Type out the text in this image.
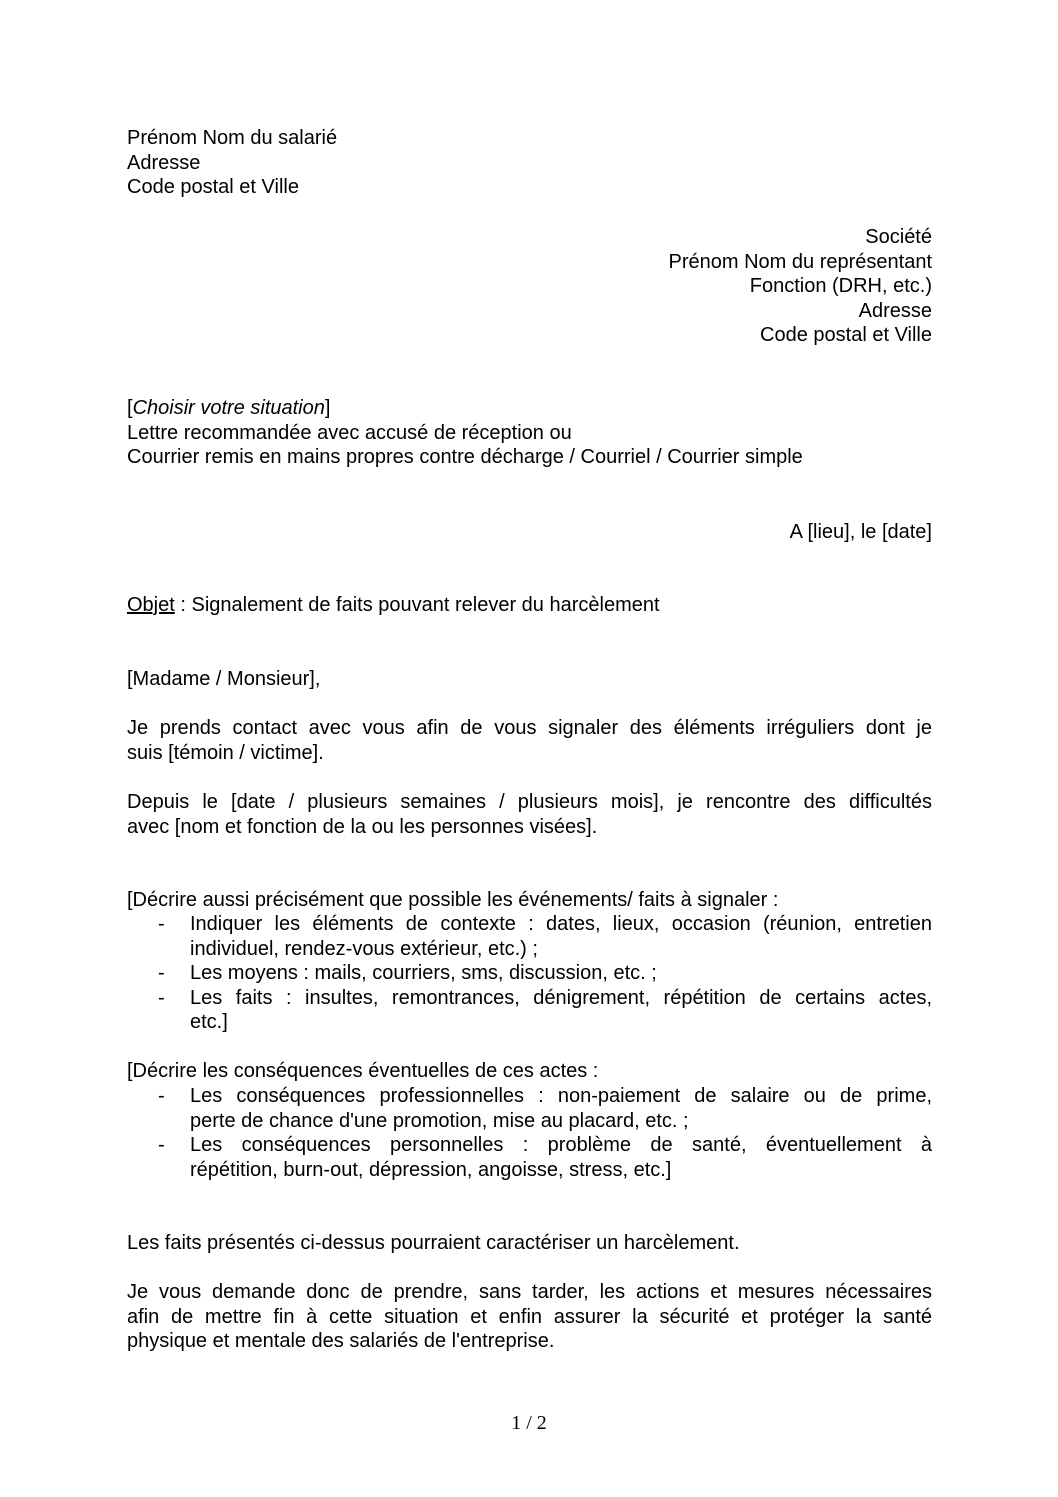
Prénom Nom du salarié
Adresse
Code postal et Ville
Société
Prénom Nom du représentant
Fonction (DRH, etc.)
Adresse
Code postal et Ville
[Choisir votre situation]
Lettre recommandée avec accusé de réception ou
Courrier remis en mains propres contre décharge / Courriel / Courrier simple
A [lieu], le [date]
Objet : Signalement de faits pouvant relever du harcèlement
[Madame / Monsieur],
Je prends contact avec vous afin de vous signaler des éléments irréguliers dont je
suis [témoin / victime].
Depuis le [date / plusieurs semaines / plusieurs mois], je rencontre des difficultés
avec [nom et fonction de la ou les personnes visées].
[Décrire aussi précisément que possible les événements/ faits à signaler :
- Indiquer les éléments de contexte : dates, lieux, occasion (réunion, entretien
individuel, rendez-vous extérieur, etc.) ;
- Les moyens : mails, courriers, sms, discussion, etc. ;
- Les faits : insultes, remontrances, dénigrement, répétition de certains actes,
etc.]
[Décrire les conséquences éventuelles de ces actes :
- Les conséquences professionnelles : non-paiement de salaire ou de prime,
perte de chance d'une promotion, mise au placard, etc. ;
- Les conséquences personnelles : problème de santé, éventuellement à
répétition, burn-out, dépression, angoisse, stress, etc.]
Les faits présentés ci-dessus pourraient caractériser un harcèlement.
Je vous demande donc de prendre, sans tarder, les actions et mesures nécessaires
afin de mettre fin à cette situation et enfin assurer la sécurité et protéger la santé
physique et mentale des salariés de l'entreprise.
1 / 2
